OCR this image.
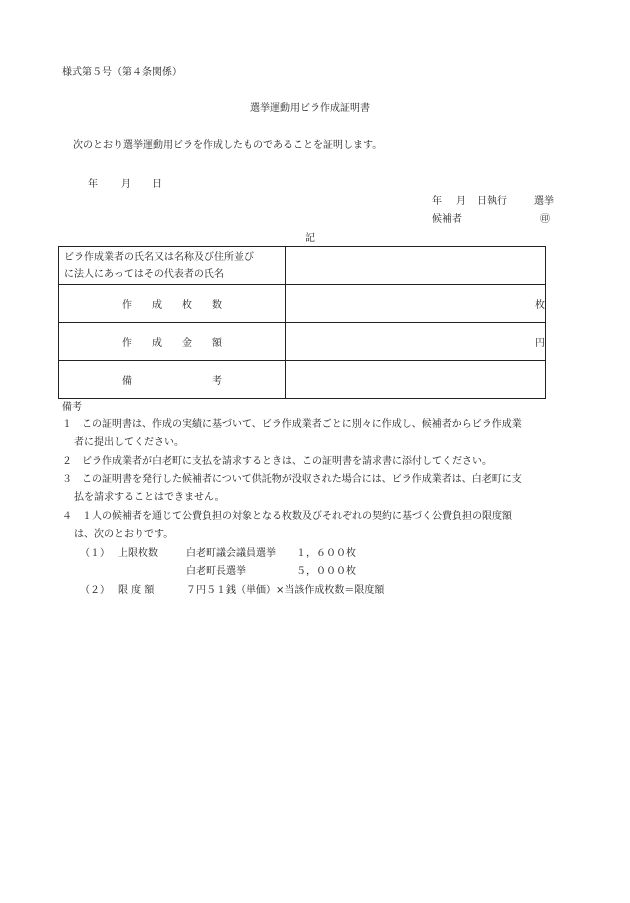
様式第５号（第４条関係）
選挙運動用ビラ作成証明書
次のとおり選挙運動用ビラを作成したものであることを証明します。
年 月 日
年 月 日執行	選挙
候補者	㊞
記
ビラ作成業者の氏名又は名称及び住所並び
に法人にあってはその代表者の氏名	

作　　成　　枚　　数	枚

作　　成　　金　　額	円

備　　　　　　　　考	

備考
１　この証明書は、作成の実績に基づいて、ビラ作成業者ごとに別々に作成し、候補者からビラ作成業
者に提出してください。
２　ビラ作成業者が白老町に支払を請求するときは、この証明書を請求書に添付してください。
３　この証明書を発行した候補者について供託物が没収された場合には、ビラ作成業者は、白老町に支
払を請求することはできません。
４　１人の候補者を通じて公費負担の対象となる枚数及びそれぞれの契約に基づく公費負担の限度額
は、次のとおりです。
（１） 上限枚数	白老町議会議員選挙 １，６００枚
白老町長選挙	５，０００枚
（２） 限 度 額	７円５１銭（単価）×当該作成枚数＝限度額
